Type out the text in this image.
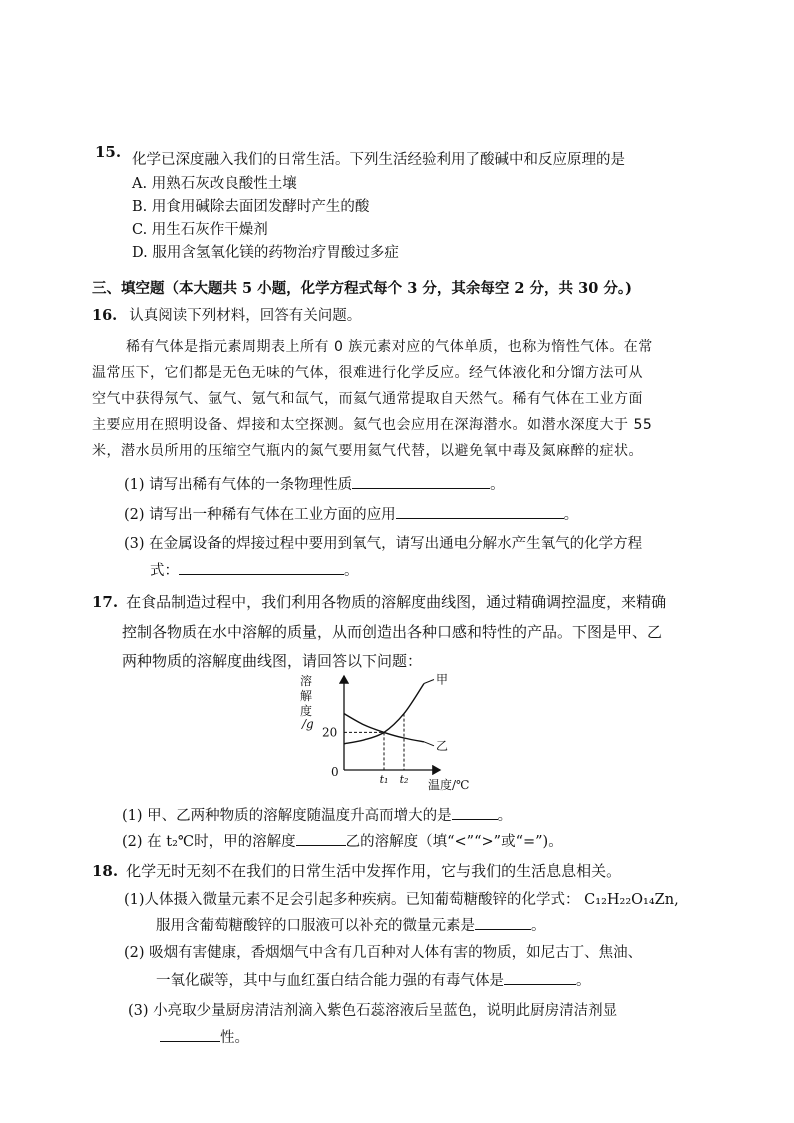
15. 化学已深度融入我们的日常生活。下列生活经验利用了酸碱中和反应原理的是
A. 用熟石灰改良酸性土壤
B. 用食用碱除去面团发酵时产生的酸
C. 用生石灰作干燥剂
D. 服用含氢氧化镁的药物治疗胃酸过多症
三、填空题（本大题共 5 小题，化学方程式每个 3 分，其余每空 2 分，共 30 分。)
16. 认真阅读下列材料，回答有关问题。
稀有气体是指元素周期表上所有 0 族元素对应的气体单质，也称为惰性气体。在常
温常压下，它们都是无色无味的气体，很难进行化学反应。经气体液化和分馏方法可从
空气中获得氖气、氩气、氪气和氙气，而氦气通常提取自天然气。稀有气体在工业方面
主要应用在照明设备、焊接和太空探测。氦气也会应用在深海潜水。如潜水深度大于 55
米，潜水员所用的压缩空气瓶内的氮气要用氦气代替，以避免氧中毒及氮麻醉的症状。
(1) 请写出稀有气体的一条物理性质	。
(2) 请写出一种稀有气体在工业方面的应用	。
(3) 在金属设备的焊接过程中要用到氧气，请写出通电分解水产生氧气的化学方程
式：	。
17. 在食品制造过程中，我们利用各物质的溶解度曲线图，通过精确调控温度，来精确
控制各物质在水中溶解的质量，从而创造出各种口感和特性的产品。下图是甲、乙
两种物质的溶解度曲线图，请回答以下问题：
溶
解
度
/g
0
20
甲
乙
t₁ t₂ 温度/℃
(1) 甲、乙两种物质的溶解度随温度升高而增大的是	。
(2) 在 t₂℃时，甲的溶解度	乙的溶解度（填“<”“>”或“=”)。
18. 化学无时无刻不在我们的日常生活中发挥作用，它与我们的生活息息相关。
(1)人体摄入微量元素不足会引起多种疾病。已知葡萄糖酸锌的化学式： C₁₂H₂₂O₁₄Zn,
服用含葡萄糖酸锌的口服液可以补充的微量元素是	。
(2) 吸烟有害健康，香烟烟气中含有几百种对人体有害的物质，如尼古丁、焦油、
一氧化碳等，其中与血红蛋白结合能力强的有毒气体是	。
(3) 小亮取少量厨房清洁剂滴入紫色石蕊溶液后呈蓝色，说明此厨房清洁剂显
性。
